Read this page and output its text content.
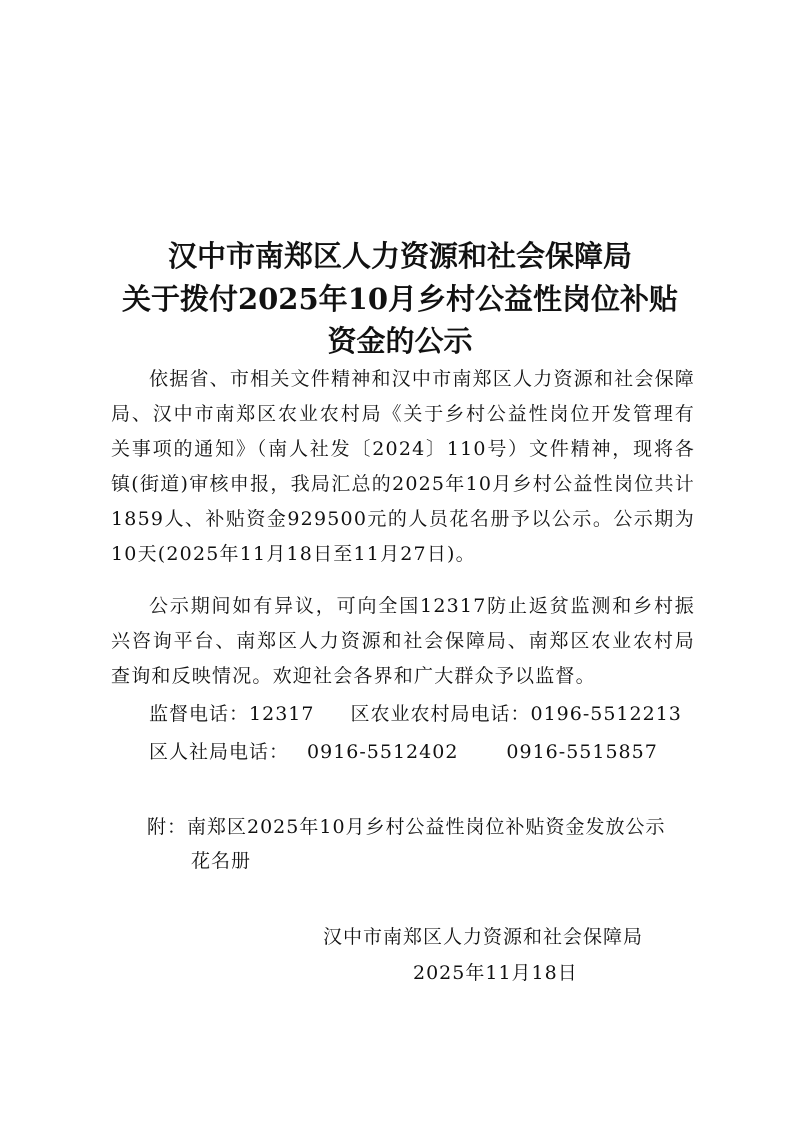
汉中市南郑区人力资源和社会保障局
关于拨付2025年10月乡村公益性岗位补贴
资金的公示

依据省、市相关文件精神和汉中市南郑区人力资源和社会保障局、汉中市南郑区农业农村局《关于乡村公益性岗位开发管理有关事项的通知》（南人社发〔2024〕110号）文件精神，现将各镇(街道)审核申报，我局汇总的2025年10月乡村公益性岗位共计1859人、补贴资金929500元的人员花名册予以公示。公示期为10天(2025年11月18日至11月27日)。

公示期间如有异议，可向全国12317防止返贫监测和乡村振兴咨询平台、南郑区人力资源和社会保障局、南郑区农业农村局查询和反映情况。欢迎社会各界和广大群众予以监督。

监督电话：12317 区农业农村局电话：0196-5512213
区人社局电话： 0916-5512402	0916-5515857
附：南郑区2025年10月乡村公益性岗位补贴资金发放公示
花名册
汉中市南郑区人力资源和社会保障局
2025年11月18日
